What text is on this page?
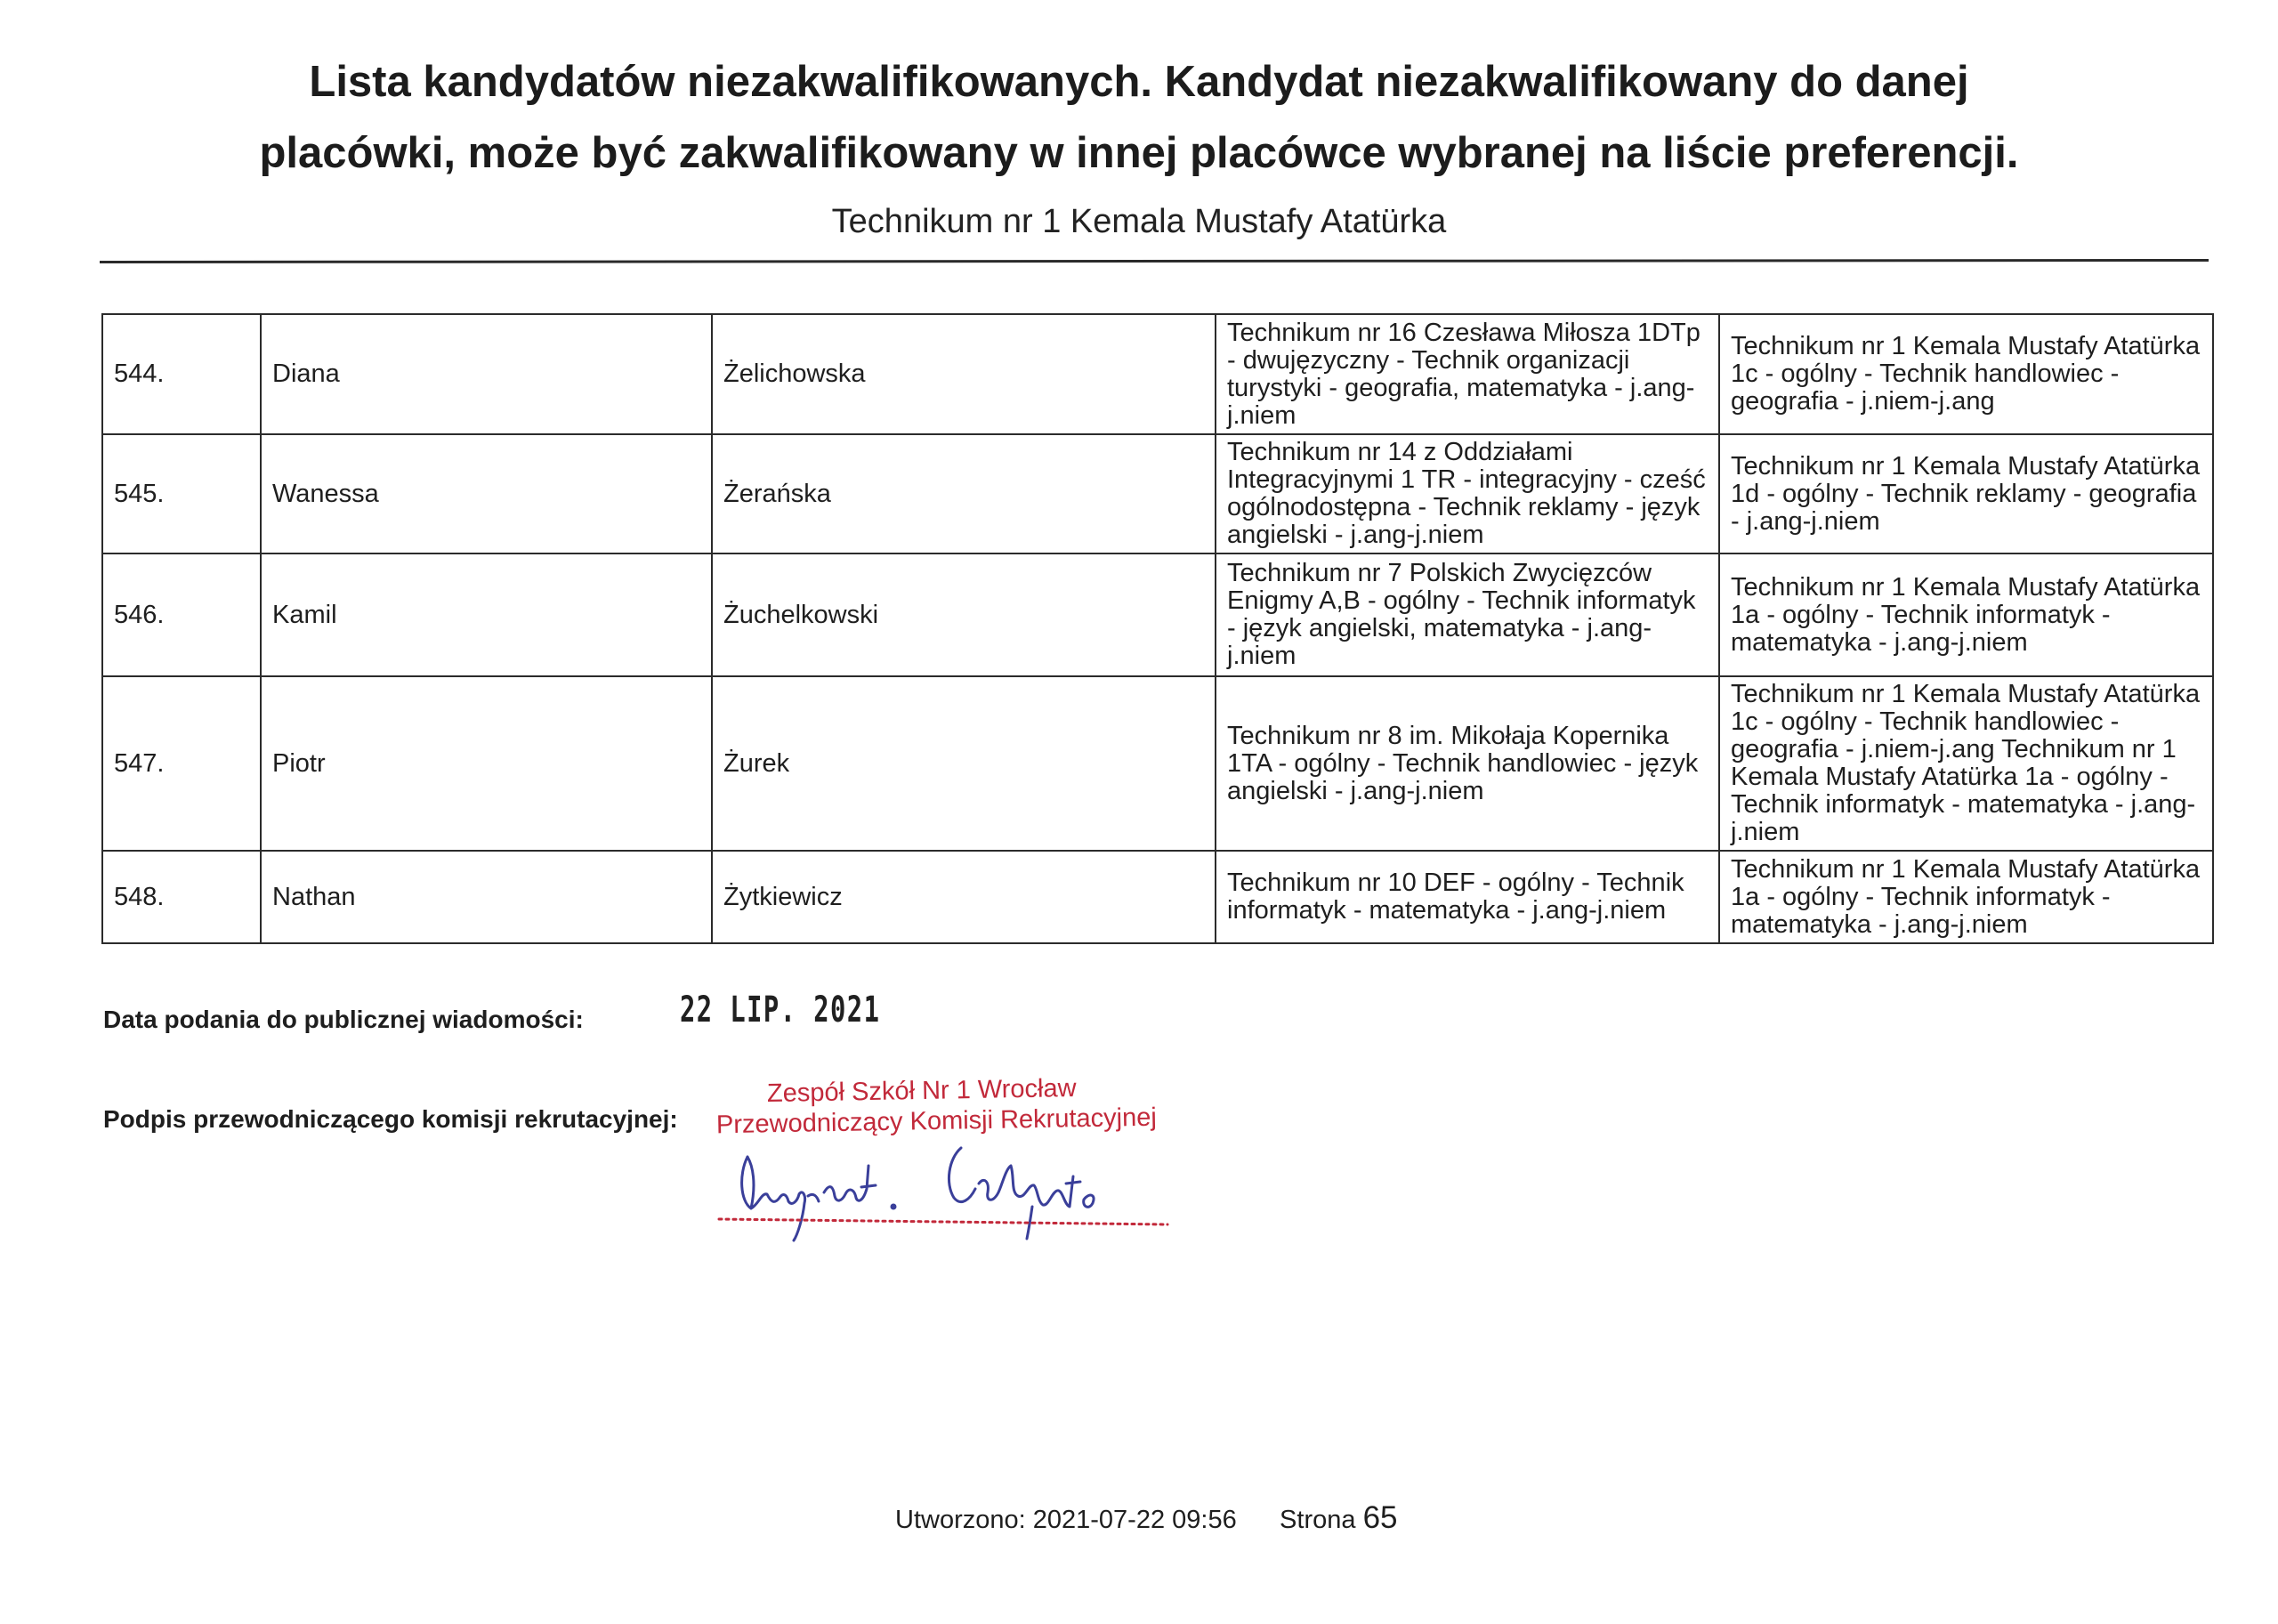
Lista kandydatów niezakwalifikowanych. Kandydat niezakwalifikowany do danej
placówki, może być zakwalifikowany w innej placówce wybranej na liście preferencji.
Technikum nr 1 Kemala Mustafy Atatürka
544.	Diana	Żelichowska	Technikum nr 16 Czesława Miłosza 1DTp - dwujęzyczny - Technik organizacji turystyki - geografia, matematyka - j.ang-j.niem	Technikum nr 1 Kemala Mustafy Atatürka 1c - ogólny - Technik handlowiec - geografia - j.niem-j.ang
545.	Wanessa	Żerańska	Technikum nr 14 z Oddziałami Integracyjnymi 1 TR - integracyjny - cześć ogólnodostępna - Technik reklamy - język angielski - j.ang-j.niem	Technikum nr 1 Kemala Mustafy Atatürka 1d - ogólny - Technik reklamy - geografia - j.ang-j.niem
546.	Kamil	Żuchelkowski	Technikum nr 7 Polskich Zwycięzców Enigmy A,B - ogólny - Technik informatyk - język angielski, matematyka - j.ang-j.niem	Technikum nr 1 Kemala Mustafy Atatürka 1a - ogólny - Technik informatyk - matematyka - j.ang-j.niem
547.	Piotr	Żurek	Technikum nr 8 im. Mikołaja Kopernika 1TA - ogólny - Technik handlowiec - język angielski - j.ang-j.niem	Technikum nr 1 Kemala Mustafy Atatürka 1c - ogólny - Technik handlowiec - geografia - j.niem-j.ang Technikum nr 1 Kemala Mustafy Atatürka 1a - ogólny - Technik informatyk - matematyka - j.ang-j.niem
548.	Nathan	Żytkiewicz	Technikum nr 10 DEF - ogólny - Technik informatyk - matematyka - j.ang-j.niem	Technikum nr 1 Kemala Mustafy Atatürka 1a - ogólny - Technik informatyk - matematyka - j.ang-j.niem
Data podania do publicznej wiadomości:	22 LIP. 2021
Podpis przewodniczącego komisji rekrutacyjnej:
Zespół Szkół Nr 1 Wrocław
Przewodniczący Komisji Rekrutacyjnej
Utworzono: 2021-07-22 09:56 Strona 65
